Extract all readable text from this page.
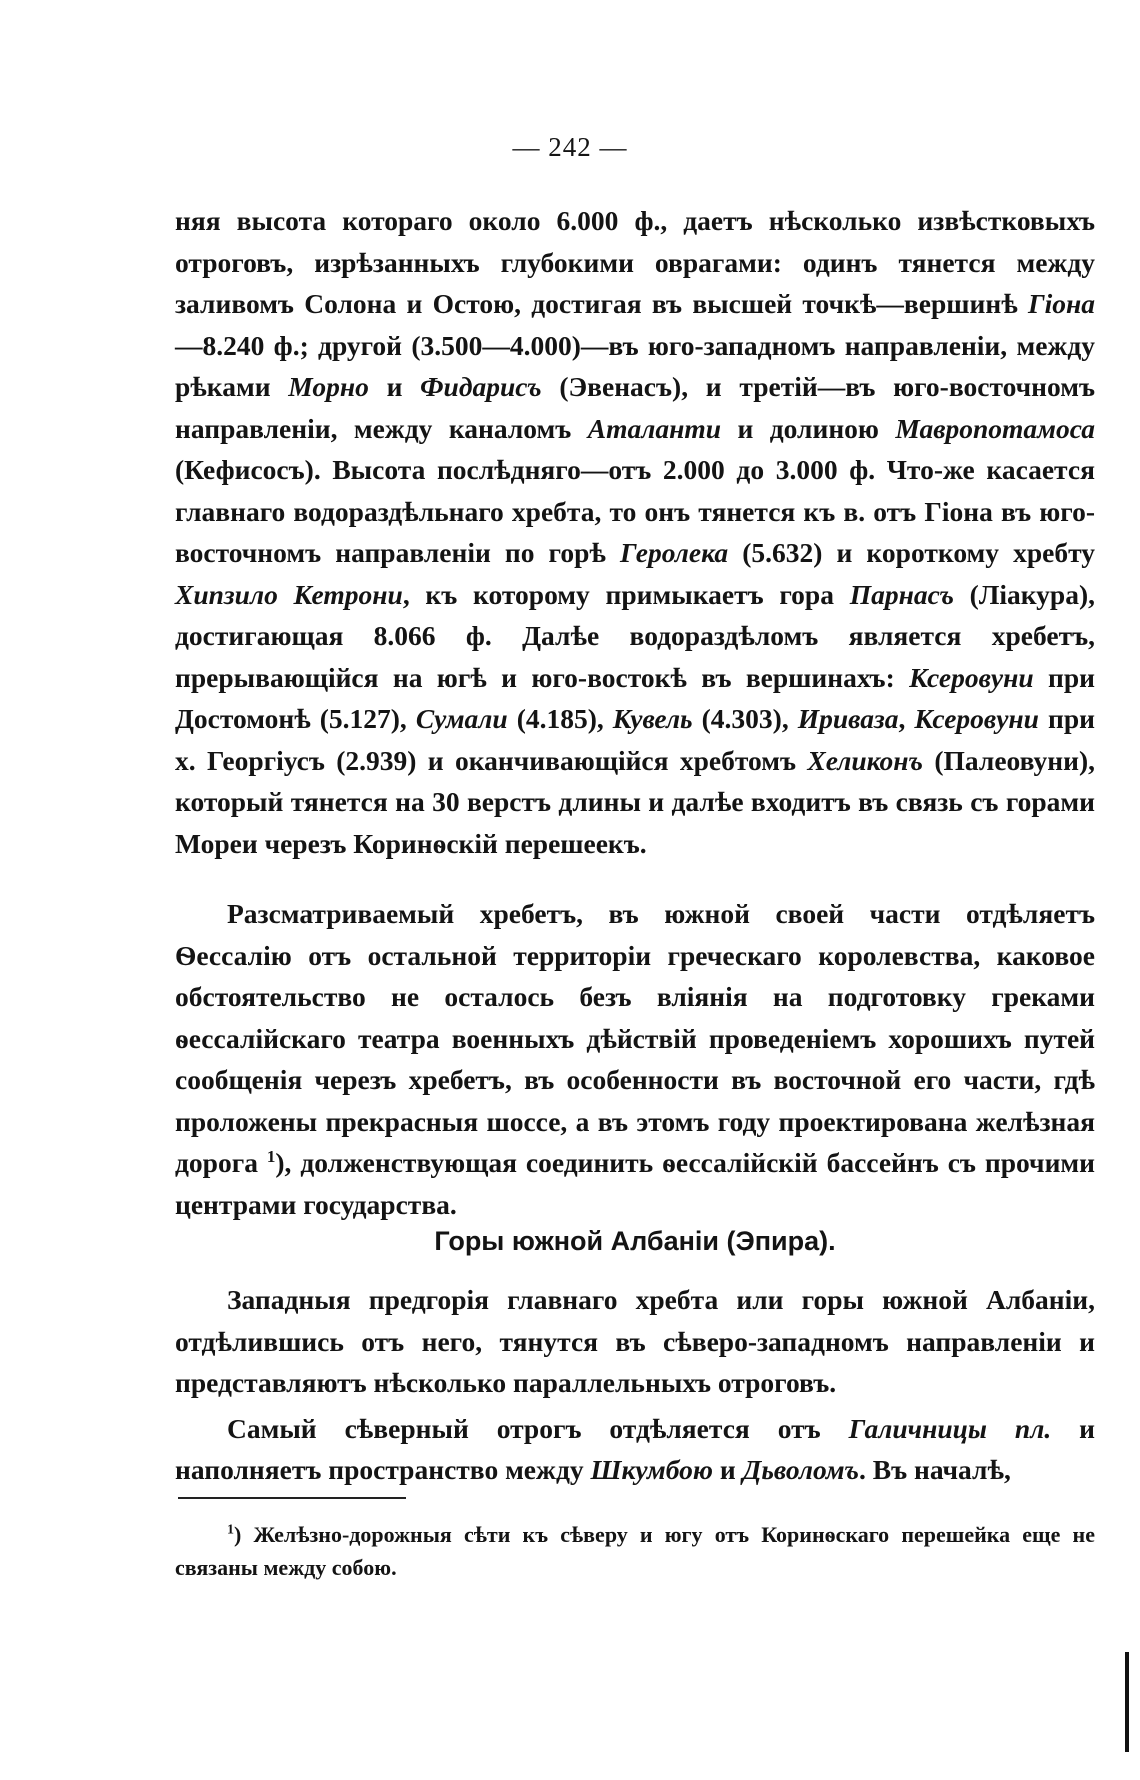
— 242 —

няя высота котораго около 6.000 ф., даетъ нѣсколько извѣстковыхъ отроговъ, изрѣзанныхъ глубокими оврагами: одинъ тянется между заливомъ Солона и Остою, достигая въ высшей точкѣ—вершинѣ Гіона—8.240 ф.; другой (3.500—4.000)—въ юго-западномъ направленіи, между рѣками Морно и Фидарисъ (Эвенасъ), и третій—въ юго-восточномъ направленіи, между каналомъ Аталанти и долиною Мавропотамоса (Кефисосъ). Высота послѣдняго—отъ 2.000 до 3.000 ф. Что-же касается главнаго водораздѣльнаго хребта, то онъ тянется къ в. отъ Гіона въ юго-восточномъ направленіи по горѣ Геролека (5.632) и короткому хребту Хипзило Кетрони, къ которому примыкаетъ гора Парнасъ (Ліакура), достигающая 8.066 ф. Далѣе водораздѣломъ является хребетъ, прерывающійся на югѣ и юго-востокѣ въ вершинахъ: Ксеровуни при Достомонѣ (5.127), Сумали (4.185), Кувель (4.303), Ириваза, Ксеровуни при х. Георгіусъ (2.939) и оканчивающійся хребтомъ Хеликонъ (Палеовуни), который тянется на 30 верстъ длины и далѣе входитъ въ связь съ горами Мореи черезъ Коринѳскій перешеекъ.

Разсматриваемый хребетъ, въ южной своей части отдѣляетъ Ѳессалію отъ остальной территоріи греческаго королевства, каковое обстоятельство не осталось безъ вліянія на подготовку греками ѳессалійскаго театра военныхъ дѣйствій проведеніемъ хорошихъ путей сообщенія черезъ хребетъ, въ особенности въ восточной его части, гдѣ проложены прекрасныя шоссе, а въ этомъ году проектирована желѣзная дорога $^1$), долженствующая соединить ѳессалійскій бассейнъ съ прочими центрами государства.

Горы южной Албаніи (Эпира).

Западныя предгорія главнаго хребта или горы южной Албаніи, отдѣлившись отъ него, тянутся въ сѣверо-западномъ направленіи и представляютъ нѣсколько параллельныхъ отроговъ.

Самый сѣверный отрогъ отдѣляется отъ Галичницы пл. и наполняетъ пространство между Шкумбою и Дьволомъ. Въ началѣ,

$^1$) Желѣзно-дорожныя сѣти къ сѣверу и югу отъ Коринѳскаго перешейка еще не связаны между собою.
